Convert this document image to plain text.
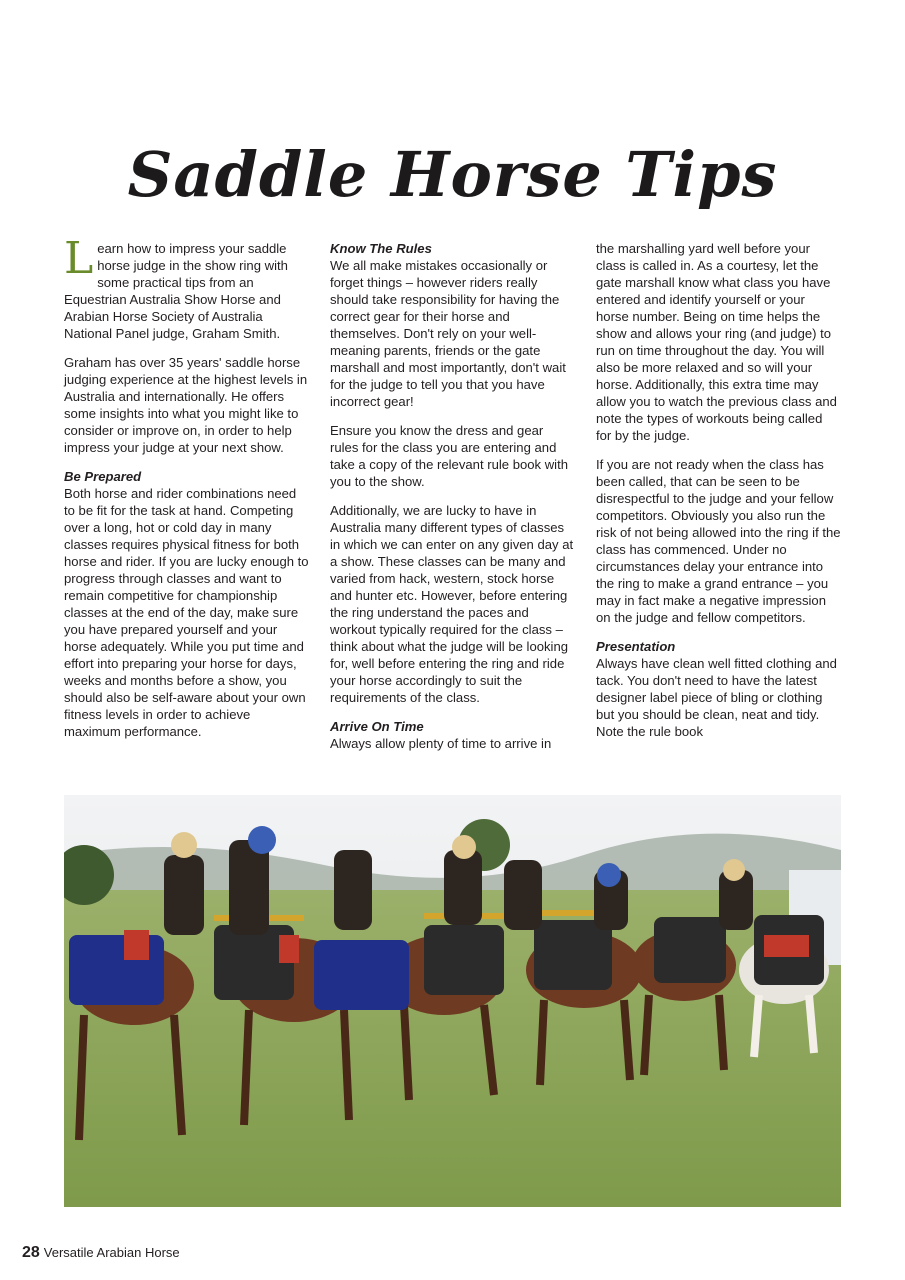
Saddle Horse Tips

Learn how to impress your saddle horse judge in the show ring with some practical tips from an Equestrian Australia Show Horse and Arabian Horse Society of Australia National Panel judge, Graham Smith.

Graham has over 35 years' saddle horse judging experience at the highest levels in Australia and internationally. He offers some insights into what you might like to consider or improve on, in order to help impress your judge at your next show.

Be Prepared

Both horse and rider combinations need to be fit for the task at hand. Competing over a long, hot or cold day in many classes requires physical fitness for both horse and rider. If you are lucky enough to progress through classes and want to remain competitive for championship classes at the end of the day, make sure you have prepared yourself and your horse adequately. While you put time and effort into preparing your horse for days, weeks and months before a show, you should also be self-aware about your own fitness levels in order to achieve maximum performance.

Know The Rules

We all make mistakes occasionally or forget things – however riders really should take responsibility for having the correct gear for their horse and themselves. Don't rely on your well-meaning parents, friends or the gate marshall and most importantly, don't wait for the judge to tell you that you have incorrect gear!

Ensure you know the dress and gear rules for the class you are entering and take a copy of the relevant rule book with you to the show.

Additionally, we are lucky to have in Australia many different types of classes in which we can enter on any given day at a show. These classes can be many and varied from hack, western, stock horse and hunter etc. However, before entering the ring understand the paces and workout typically required for the class – think about what the judge will be looking for, well before entering the ring and ride your horse accordingly to suit the requirements of the class.

Arrive On Time

Always allow plenty of time to arrive in

the marshalling yard well before your class is called in. As a courtesy, let the gate marshall know what class you have entered and identify yourself or your horse number. Being on time helps the show and allows your ring (and judge) to run on time throughout the day. You will also be more relaxed and so will your horse. Additionally, this extra time may allow you to watch the previous class and note the types of workouts being called for by the judge.

If you are not ready when the class has been called, that can be seen to be disrespectful to the judge and your fellow competitors. Obviously you also run the risk of not being allowed into the ring if the class has commenced. Under no circumstances delay your entrance into the ring to make a grand entrance – you may in fact make a negative impression on the judge and fellow competitors.

Presentation

Always have clean well fitted clothing and tack. You don't need to have the latest designer label piece of bling or clothing but you should be clean, neat and tidy. Note the rule book

28 Versatile Arabian Horse
